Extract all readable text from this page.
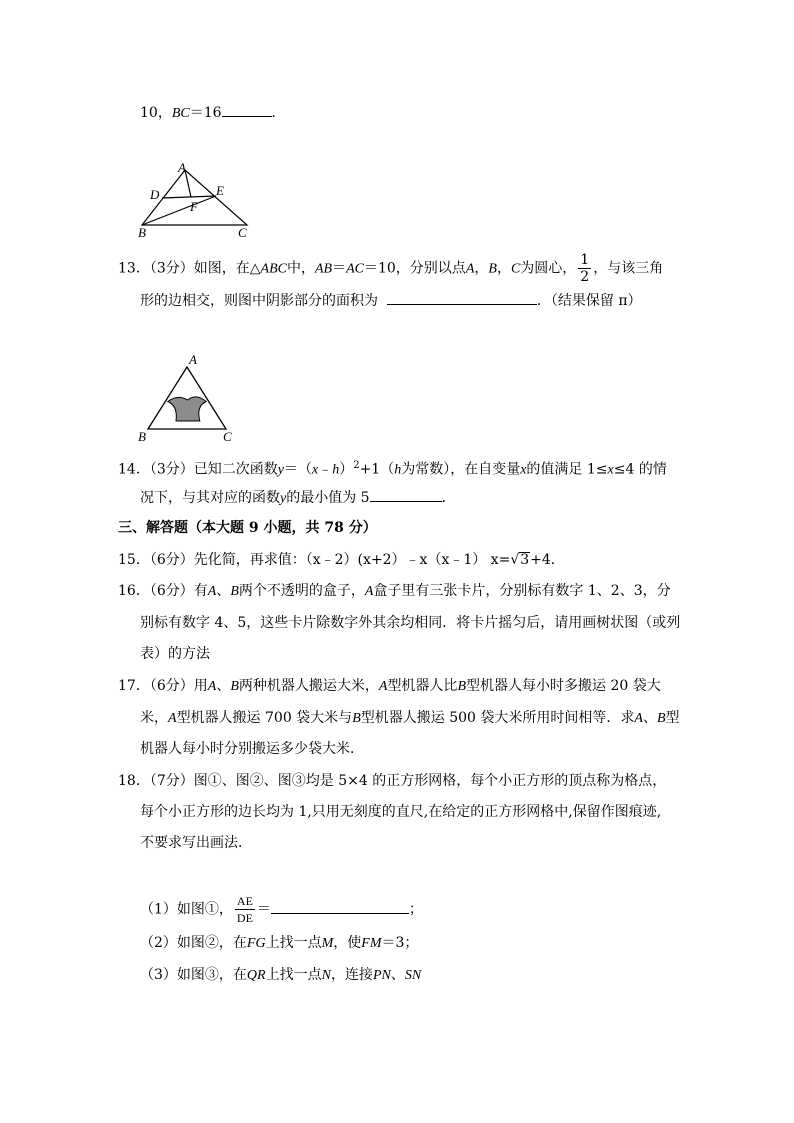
10，BC＝16	．
A
D	E
F
B	C
13．（3分）如图，在△ABC中，AB＝AC＝10，分别以点A，B，C为圆心， $\frac{1}{2}$ ，与该三角
形的边相交，则图中阴影部分的面积为	．（结果保留 π）
A
B	C
14．（3分）已知二次函数y＝（x﹣h）$^2$+1（h为常数），在自变量x的值满足 1≤x≤4 的情
况下，与其对应的函数y的最小值为 5	．
三、解答题（本大题 9 小题，共 78 分）
15．（6分）先化简，再求值：（x﹣2）(x+2）﹣x（x﹣1） x=√3+4．
16．（6分）有A、B两个不透明的盒子，A盒子里有三张卡片，分别标有数字 1、2、3，分
别标有数字 4、5，这些卡片除数字外其余均相同．将卡片摇匀后，请用画树状图（或列
表）的方法
17．（6分）用A、B两种机器人搬运大米，A型机器人比B型机器人每小时多搬运 20 袋大
米，A型机器人搬运 700 袋大米与B型机器人搬运 500 袋大米所用时间相等．求A、B型
机器人每小时分别搬运多少袋大米．
18．（7分）图①、图②、图③均是 5×4 的正方形网格，每个小正方形的顶点称为格点，
每个小正方形的边长均为 1,只用无刻度的直尺,在给定的正方形网格中,保留作图痕迹,
不要求写出画法．
（1）如图①， $\frac{AE}{DE}$ ＝	；
（2）如图②，在FG上找一点M，使FM＝3；
（3）如图③，在QR上找一点N，连接PN、SN
